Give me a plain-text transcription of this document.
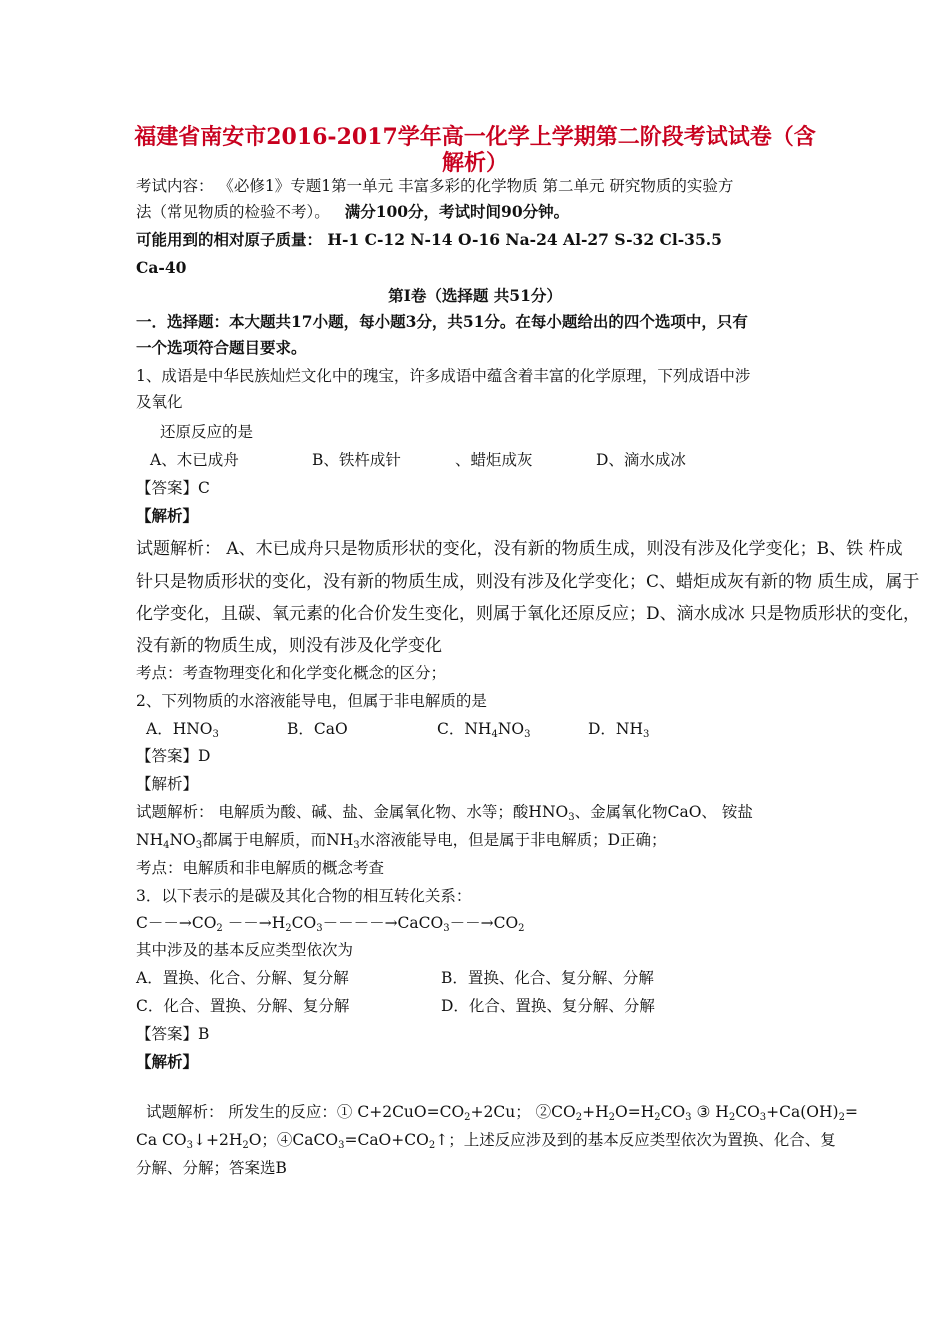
福建省南安市2016-2017学年高一化学上学期第二阶段考试试卷（含
解析）
考试内容： 《必修1》专题1第一单元 丰富多彩的化学物质 第二单元 研究物质的实验方
法（常见物质的检验不考）。 满分100分，考试时间90分钟。
可能用到的相对原子质量： H-1 C-12 N-14 O-16 Na-24 Al-27 S-32 Cl-35.5
Ca-40
第I卷（选择题 共51分）
一．选择题：本大题共17小题，每小题3分，共51分。在每小题给出的四个选项中，只有
一个选项符合题目要求。
1、成语是中华民族灿烂文化中的瑰宝，许多成语中蕴含着丰富的化学原理，下列成语中涉
及氧化
还原反应的是
A、木已成舟	B、铁杵成针	、蜡炬成灰	D、滴水成冰
【答案】C
【解析】
试题解析： A、木已成舟只是物质形状的变化，没有新的物质生成，则没有涉及化学变化；B、铁 杵成
针只是物质形状的变化，没有新的物质生成，则没有涉及化学变化；C、蜡炬成灰有新的物 质生成，属于
化学变化，且碳、氧元素的化合价发生变化，则属于氧化还原反应；D、滴水成冰 只是物质形状的变化，
没有新的物质生成，则没有涉及化学变化
考点：考查物理变化和化学变化概念的区分；
2、下列物质的水溶液能导电，但属于非电解质的是
A．$HNO_3$	B．CaO	C．$NH_4NO_3$	D．$NH_3$
【答案】D
【解析】
试题解析： 电解质为酸、碱、盐、金属氧化物、水等；酸$HNO_3$、金属氧化物CaO、 铵盐
$NH_4NO_3$都属于电解质，而$NH_3$水溶液能导电，但是属于非电解质；D正确；
考点：电解质和非电解质的概念考查
3．以下表示的是碳及其化合物的相互转化关系：
$C--\to CO_2$ $--\to H_2CO_3----\to CaCO_3--\to CO_2$
其中涉及的基本反应类型依次为
A．置换、化合、分解、复分解	B．置换、化合、复分解、分解
C．化合、置换、分解、复分解	D．化合、置换、复分解、分解
【答案】B
【解析】
试题解析： 所发生的反应：① $C+2CuO=CO_2+2Cu$； $②CO_2+H_2O=H_2CO_3$ ③ $H_2CO_3+Ca(OH)_2=$
Ca $CO_3↓+2H_2O$；$④CaCO_3=CaO+CO_2↑$；上述反应涉及到的基本反应类型依次为置换、化合、复
分解、分解；答案选B
